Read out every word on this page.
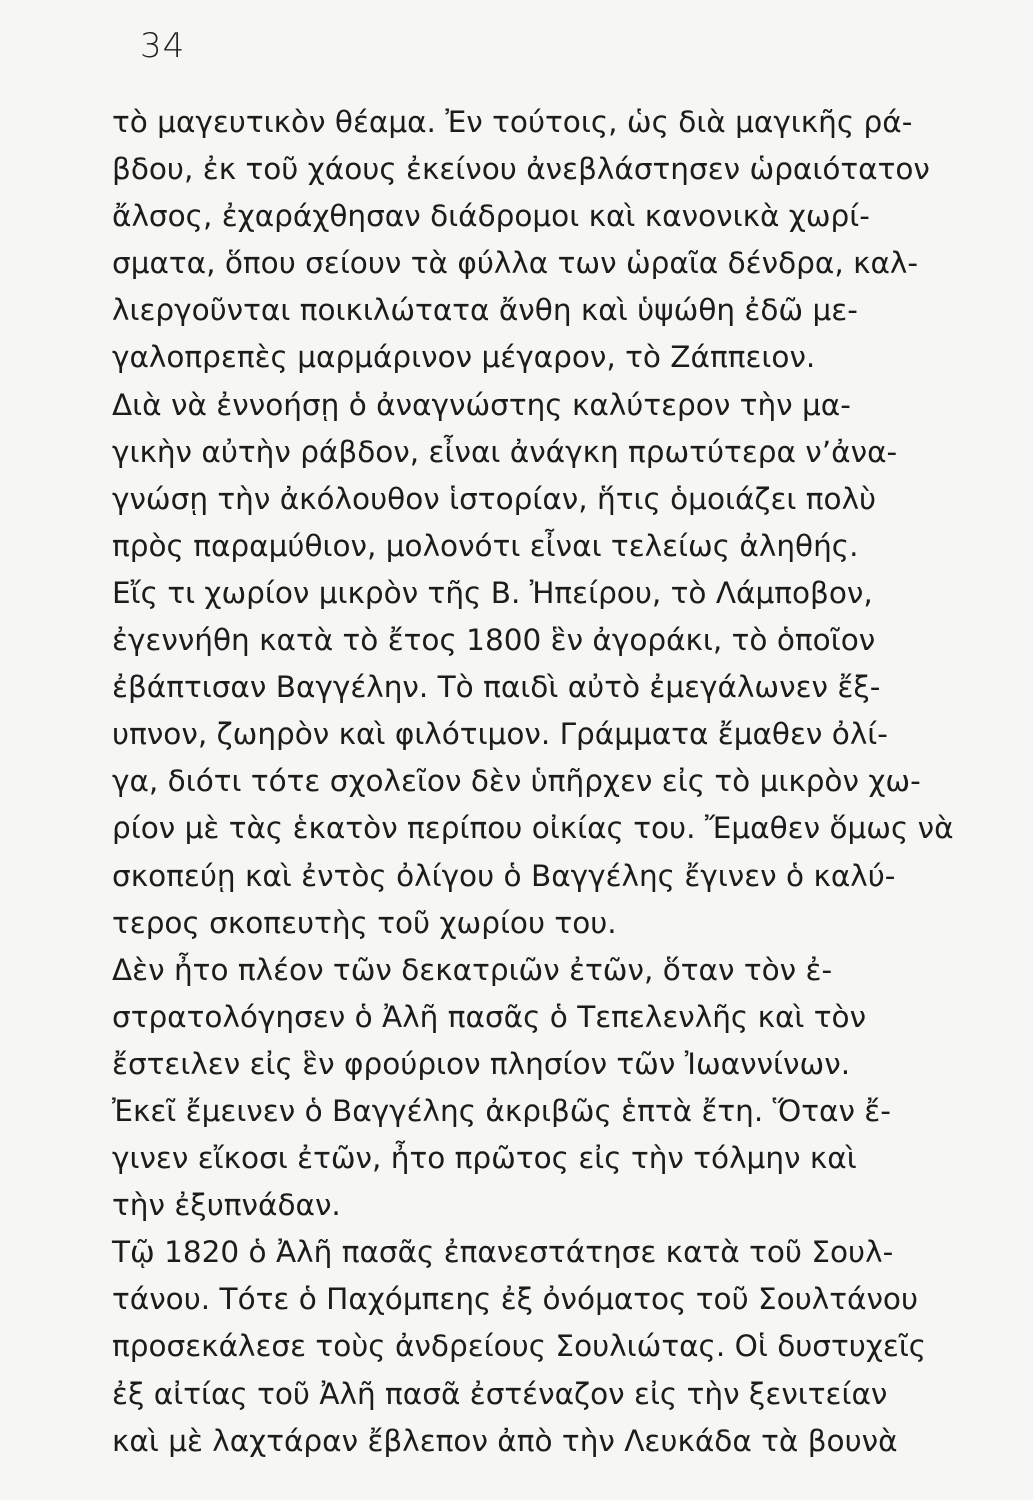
34
τὸ μαγευτικὸν θέαμα. Ἐν τούτοις, ὡς διὰ μαγικῆς ρά-
βδου, ἐκ τοῦ χάους ἐκείνου ἀνεβλάστησεν ὡραιότατον
ἄλσος, ἐχαράχθησαν διάδρομοι καὶ κανονικὰ χωρί-
σματα, ὅπου σείουν τὰ φύλλα των ὡραῖα δένδρα, καλ-
λιεργοῦνται ποικιλώτατα ἄνθη καὶ ὑψώθη ἐδῶ με-
γαλοπρεπὲς μαρμάρινον μέγαρον, τὸ Ζάππειον.
Διὰ νὰ ἐννοήσῃ ὁ ἀναγνώστης καλύτερον τὴν μα-
γικὴν αὐτὴν ράβδον, εἶναι ἀνάγκη πρωτύτερα ν’ἀνα-
γνώσῃ τὴν ἀκόλουθον ἱστορίαν, ἥτις ὁμοιάζει πολὺ
πρὸς παραμύθιον, μολονότι εἶναι τελείως ἀληθής.
Εἴς τι χωρίον μικρὸν τῆς Β. Ἠπείρου, τὸ Λάμποβον,
ἐγεννήθη κατὰ τὸ ἔτος 1800 ἓν ἀγοράκι, τὸ ὁποῖον
ἐβάπτισαν Βαγγέλην. Τὸ παιδὶ αὐτὸ ἐμεγάλωνεν ἔξ-
υπνον, ζωηρὸν καὶ φιλότιμον. Γράμματα ἔμαθεν ὀλί-
γα, διότι τότε σχολεῖον δὲν ὑπῆρχεν εἰς τὸ μικρὸν χω-
ρίον μὲ τὰς ἑκατὸν περίπου οἰκίας του. Ἔμαθεν ὅμως νὰ
σκοπεύῃ καὶ ἐντὸς ὀλίγου ὁ Βαγγέλης ἔγινεν ὁ καλύ-
τερος σκοπευτὴς τοῦ χωρίου του.
Δὲν ἦτο πλέον τῶν δεκατριῶν ἐτῶν, ὅταν τὸν ἐ-
στρατολόγησεν ὁ Ἀλῆ πασᾶς ὁ Τεπελενλῆς καὶ τὸν
ἔστειλεν εἰς ἓν φρούριον πλησίον τῶν Ἰωαννίνων.
Ἐκεῖ ἔμεινεν ὁ Βαγγέλης ἀκριβῶς ἑπτὰ ἔτη. Ὅταν ἔ-
γινεν εἴκοσι ἐτῶν, ἦτο πρῶτος εἰς τὴν τόλμην καὶ
τὴν ἐξυπνάδαν.
Τῷ 1820 ὁ Ἀλῆ πασᾶς ἐπανεστάτησε κατὰ τοῦ Σουλ-
τάνου. Τότε ὁ Παχόμπεης ἐξ ὀνόματος τοῦ Σουλτάνου
προσεκάλεσε τοὺς ἀνδρείους Σουλιώτας. Οἱ δυστυχεῖς
ἐξ αἰτίας τοῦ Ἀλῆ πασᾶ ἐστέναζον εἰς τὴν ξενιτείαν
καὶ μὲ λαχτάραν ἔβλεπον ἀπὸ τὴν Λευκάδα τὰ βουνὰ
